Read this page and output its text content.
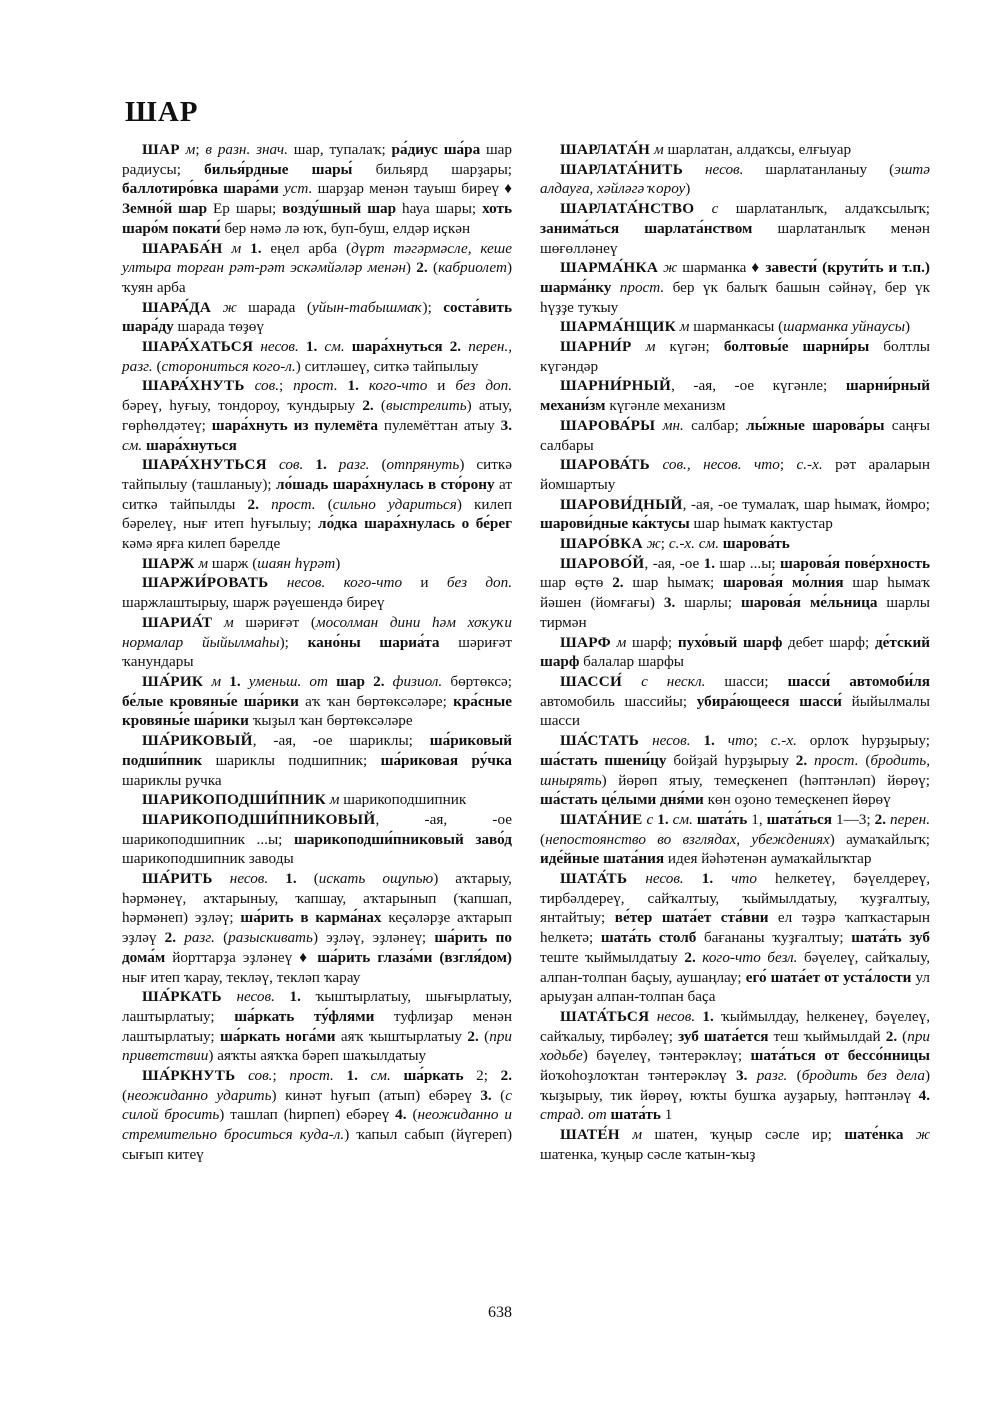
ШАР

ШАР м; в разн. знач. шар, тупалаҡ; ра́диус ша́ра шар радиусы; билья́рдные шары́ бильярд шарҙары; баллотиро́вка шара́ми уст. шарҙар менән тауыш биреү ♦ Земно́й шар Ер шары; возду́шный шар һауа шары; хоть шаро́м покати́ бер нәмә лә юҡ, буп-буш, елдәр иҫкән

ШАРАБА́Н м 1. еңел арба (дүрт тәгәрмәсле, кеше ултыра торған рәт-рәт эскәмйәләр менән) 2. (кабриолет) ҡуян арба

ШАРА́ДА ж шарада (уйын-табышмаҡ); соста́вить шара́ду шарада төҙөү

ШАРА́ХАТЬСЯ несов. 1. см. шара́хнуться 2. перен., разг. (сторониться кого-л.) ситләшеү, ситкә тайпылыу

ШАРА́ХНУТЬ сов.; прост. 1. кого-что и без доп. бәреү, һуғыу, тондороу, ҡундырыу 2. (выстрелить) атыу, гөрһөлдәтеү; шара́хнуть из пулемёта пулемёттан атыу 3. см. шара́хнуться

ШАРА́ХНУТЬСЯ сов. 1. разг. (отпрянуть) ситкә тайпылыу (ташланыу); ло́шадь шара́хнулась в сто́рону ат ситкә тайпылды 2. прост. (сильно удариться) килеп бәрелеү, нығ итеп һуғылыу; ло́дка шара́хнулась о бе́рег кәмә ярға килеп бәрелде

ШАРЖ м шарж (шаян һүрәт)

ШАРЖИ́РОВАТЬ несов. кого-что и без доп. шаржлаштырыу, шарж рәүешендә биреү

ШАРИА́Т м шәриғәт (мосолман дини һәм хоҡуҡи нормалар йыйылмаһы); кано́ны шариа́та шәриғәт ҡанундары

ША́РИК м 1. уменьш. от шар 2. физиол. бөртөксә; бе́лые кровяны́е ша́рики аҡ ҡан бөртөксәләре; кра́сные кровяны́е ша́рики ҡыҙыл ҡан бөртөксәләре

ША́РИКОВЫЙ, -ая, -ое шариклы; ша́риковый подши́пник шариклы подшипник; ша́риковая ру́чка шариклы ручка

ШАРИКОПОДШИ́ПНИК м шарикоподшипник

ШАРИКОПОДШИ́ПНИКОВЫЙ, -ая, -ое шарикоподшипник ...ы; шарикоподши́пниковый заво́д шарикоподшипник заводы

ША́РИТЬ несов. 1. (искать ощупью) аҡтарыу, һәрмәнеү, аҡтарыныу, ҡапшау, аҡтарынып (ҡапшап, һәрмәнеп) эҙләү; ша́рить в карма́нах кеҫәләрҙе аҡтарып эҙләү 2. разг. (разыскивать) эҙләү, эҙләнеү; ша́рить по дома́м йорттарҙа эҙләнеү ♦ ша́рить глаза́ми (взгля́дом) нығ итеп ҡарау, текләү, текләп ҡарау

ША́РКАТЬ несов. 1. ҡыштырлатыу, шығырлатыу, лаштырлатыу; ша́ркать ту́флями туфлиҙар менән лаштырлатыу; ша́ркать нога́ми аяҡ ҡыштырлатыу 2. (при приветствии) аяҡты аяҡҡа бәреп шаҡылдатыу

ША́РКНУТЬ сов.; прост. 1. см. ша́ркать 2; 2. (неожиданно ударить) кинәт һуғып (атып) ебәреү 3. (с силой бросить) ташлап (һирпеп) ебәреү 4. (неожиданно и стремительно броситься куда-л.) ҡапыл сабып (йүгереп) сығып китеү

ШАРЛАТА́Н м шарлатан, алдаҡсы, елғыуар

ШАРЛАТА́НИТЬ несов. шарлатанланыу (эштә алдауға, хәйләгә ҡороу)

ШАРЛАТА́НСТВО с шарлатанлыҡ, алдаҡсылыҡ; занима́ться шарлата́нством шарлатанлыҡ менән шөғөлләнеү

ШАРМА́НКА ж шарманка ♦ завести́ (крути́ть и т.п.) шарма́нку прост. бер үк балыҡ башын сәйнәү, бер үк һүҙҙе туҡыу

ШАРМА́НЩИК м шарманкасы (шарманка уйнаусы)

ШАРНИ́Р м күгән; болтовы́е шарни́ры болтлы күгәндәр

ШАРНИ́РНЫЙ, -ая, -ое күгәнле; шарни́рный механи́зм күгәнле механизм

ШАРОВА́РЫ мн. салбар; лы́жные шарова́ры саңғы салбары

ШАРОВА́ТЬ сов., несов. что; с.-х. рәт араларын йомшартыу

ШАРОВИ́ДНЫЙ, -ая, -ое тумалаҡ, шар һымаҡ, йомро; шарови́дные ка́ктусы шар һымаҡ кактустар

ШАРО́ВКА ж; с.-х. см. шарова́ть

ШАРОВО́Й, -ая, -ое 1. шар ...ы; шарова́я пове́рхность шар өҫтө 2. шар һымаҡ; шарова́я мо́лния шар һымаҡ йәшен (йомғағы) 3. шарлы; шарова́я ме́льница шарлы тирмән

ШАРФ м шарф; пухо́вый шарф дебет шарф; де́тский шарф балалар шарфы

ШАССИ́ с нескл. шасси; шасси́ автомоби́ля автомобиль шассийы; убира́ющееся шасси́ йыйылмалы шасси

ША́СТАТЬ несов. 1. что; с.-х. орлоҡ һурҙырыу; ша́стать пшени́цу бойҙай һурҙырыу 2. прост. (бродить, шнырять) йөрөп ятыу, темеҫкенеп (һәптәнләп) йөрөү; ша́стать це́лыми дня́ми көн оҙоно темеҫкенеп йөрөү

ШАТА́НИЕ с 1. см. шата́ть 1, шата́ться 1—3; 2. перен. (непостоянство во взглядах, убеждениях) аумаҡайлыҡ; иде́йные шата́ния идея йәһәтенән аумаҡайлыҡтар

ШАТА́ТЬ несов. 1. что һелкетеү, бәүелдереү, тирбәлдереү, сайҡалтыу, ҡыймылдатыу, ҡуҙғалтыу, янтайтыу; ве́тер шата́ет ста́вни ел тәҙрә ҡапҡастарын һелкетә; шата́ть столб бағананы ҡуҙғалтыу; шата́ть зуб теште ҡыймылдатыу 2. кого-что безл. бәүелеү, сайҡалыу, алпан-толпан баҫыу, аушаңлау; его́ шата́ет от уста́лости ул арыуҙан алпан-толпан баҫа

ШАТА́ТЬСЯ несов. 1. ҡыймылдау, һелкенеү, бәүелеү, сайҡалыу, тирбәлеү; зуб шата́ется теш ҡыймылдай 2. (при ходьбе) бәүелеү, тәнтерәкләү; шата́ться от бессо́нницы йоҡоһоҙлоҡтан тәнтерәкләү 3. разг. (бродить без дела) ҡыҙырыу, тик йөрөү, юҡты бушҡа ауҙарыу, һәптәнләү 4. страд. от шата́ть 1

ШАТЕ́Н м шатен, ҡуңыр сәсле ир; шате́нка ж шатенка, ҡуңыр сәсле ҡатын-ҡыҙ

638
